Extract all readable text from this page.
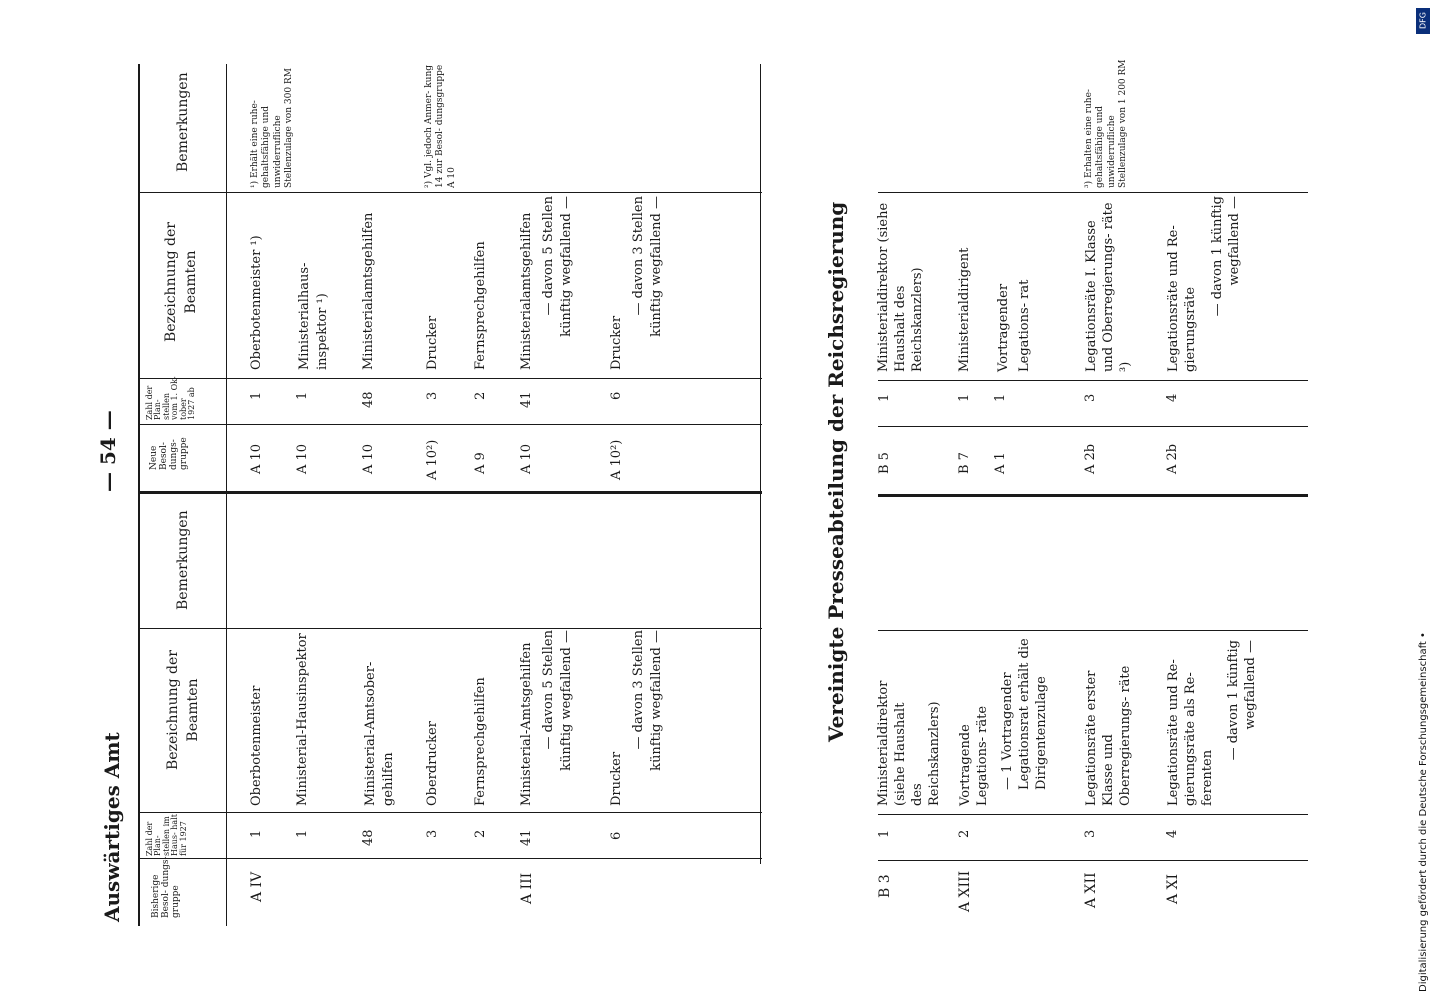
Auswärtiges Amt
— 54 —
Bisherige Besol- dungs- gruppe
Zahl der Plan- stellen im Haus- halt für 1927
Bezeichnung der Beamten
Bemerkungen
Neue Besol- dungs- gruppe
Zahl der Plan- stellen vom 1. Ok- tober 1927 ab
Bezeichnung der Beamten
Bemerkungen
A IV
1
Oberbotenmeister
1
Ministerial-Hausinspektor
48
Ministerial-Amtsober- gehilfen
3
Oberdrucker
2
Fernsprechgehilfen
A III
41
Ministerial-Amtsgehilfen — davon 5 Stellen künftig wegfallend —
6
Drucker
— davon 3 Stellen künftig wegfallend —
A 10
1
Oberbotenmeister ¹)
A 10
1
Ministerialhaus- inspektor ¹)
A 10
48
Ministerialamtsgehilfen
A 10²)
3
Drucker
A 9
2
Fernsprechgehilfen
A 10
41
Ministerialamtsgehilfen — davon 5 Stellen künftig wegfallend —
A 10²)
6
Drucker
— davon 3 Stellen künftig wegfallend —
¹) Erhält eine ruhe- gehaltsfähige und unwiderrufliche Stellenzulage von 300 RM	²) Vgl. jedoch Anmer- kung 14 zur Besol- dungsgruppe A 10
Vereinigte Presseabteilung der Reichsregierung
B 3
1
Ministerialdirektor (siehe Haushalt des Reichskanzlers)
A XIII
2
Vortragende Legations- räte — 1 Vortragender Legationsrat erhält die Dirigentenzulage
A XII
3
Legationsräte erster Klasse und Oberregierungs- räte
A XI
4
Legationsräte und Re- gierungsräte als Re- ferenten
— davon 1 künftig wegfallend —
B 5
1
Ministerialdirektor (siehe Haushalt des Reichskanzlers)
B 7
1
Ministerialdirigent
A 1
1
Vortragender Legations- rat
A 2b
3
Legationsräte I. Klasse und Oberregierungs- räte ³)
A 2b
4
Legationsräte und Re- gierungsräte
— davon 1 künftig wegfallend —
³) Erhalten eine ruhe- gehaltsfähige und unwiderrufliche Stellenzulage von 1 200 RM
Digitalisierung gefördert durch die Deutsche Forschungsgemeinschaft •
DFG
